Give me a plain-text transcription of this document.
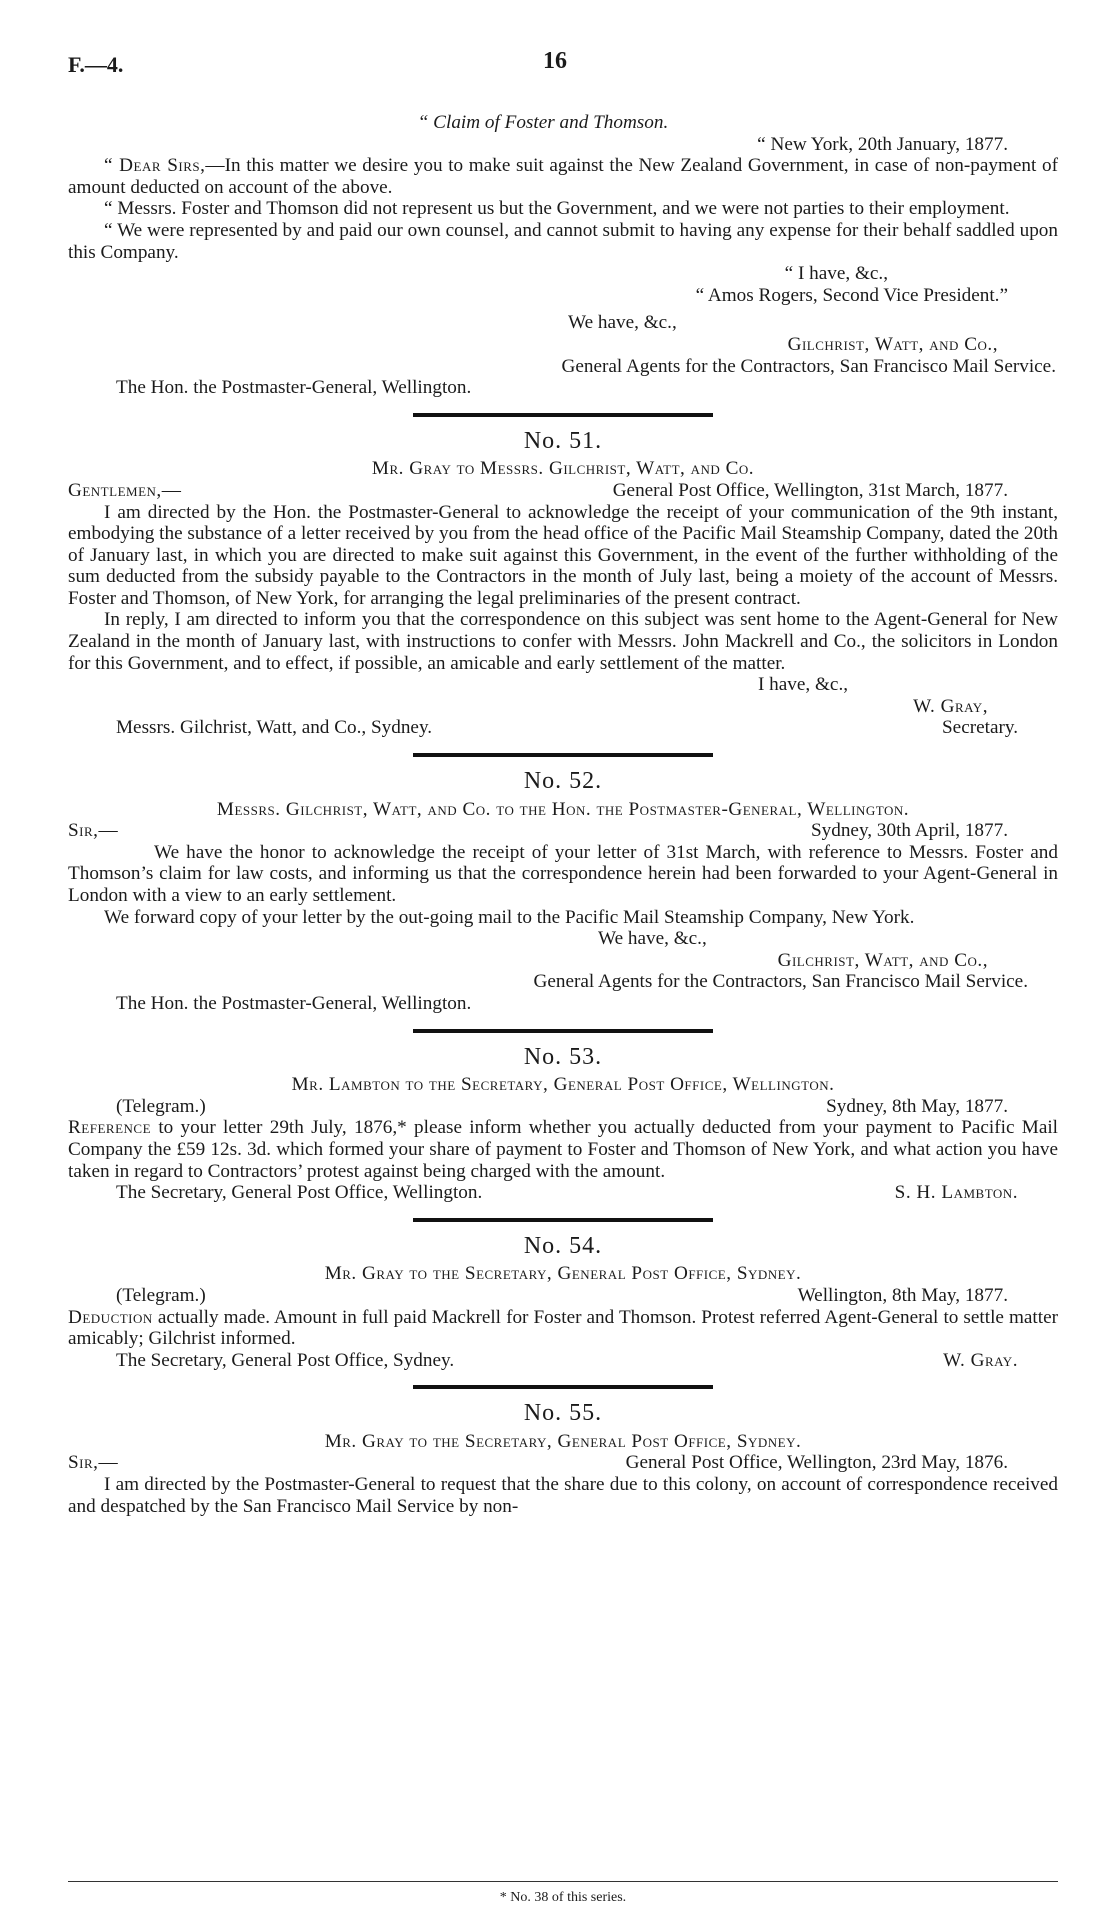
F.—4.	16

“ Claim of Foster and Thomson.

“ New York, 20th January, 1877.

“ Dear Sirs,—In this matter we desire you to make suit against the New Zealand Government, in case of non-payment of amount deducted on account of the above.

“ Messrs. Foster and Thomson did not represent us but the Government, and we were not parties to their employment.

“ We were represented by and paid our own counsel, and cannot submit to having any expense for their behalf saddled upon this Company.

“ I have, &c.,

“ Amos Rogers, Second Vice President.”

We have, &c.,

Gilchrist, Watt, and Co.,

General Agents for the Contractors, San Francisco Mail Service.

The Hon. the Postmaster-General, Wellington.

No. 51.

Mr. Gray to Messrs. Gilchrist, Watt, and Co.

Gentlemen,—	General Post Office, Wellington, 31st March, 1877.

I am directed by the Hon. the Postmaster-General to acknowledge the receipt of your communication of the 9th instant, embodying the substance of a letter received by you from the head office of the Pacific Mail Steamship Company, dated the 20th of January last, in which you are directed to make suit against this Government, in the event of the further withholding of the sum deducted from the subsidy payable to the Contractors in the month of July last, being a moiety of the account of Messrs. Foster and Thomson, of New York, for arranging the legal preliminaries of the present contract.

In reply, I am directed to inform you that the correspondence on this subject was sent home to the Agent-General for New Zealand in the month of January last, with instructions to confer with Messrs. John Mackrell and Co., the solicitors in London for this Government, and to effect, if possible, an amicable and early settlement of the matter.

I have, &c.,

W. Gray,

Messrs. Gilchrist, Watt, and Co., Sydney.	Secretary.

No. 52.

Messrs. Gilchrist, Watt, and Co. to the Hon. the Postmaster-General, Wellington.

Sir,—	Sydney, 30th April, 1877.

We have the honor to acknowledge the receipt of your letter of 31st March, with reference to Messrs. Foster and Thomson’s claim for law costs, and informing us that the correspondence herein had been forwarded to your Agent-General in London with a view to an early settlement.

We forward copy of your letter by the out-going mail to the Pacific Mail Steamship Company, New York.

We have, &c.,

Gilchrist, Watt, and Co.,

General Agents for the Contractors, San Francisco Mail Service.

The Hon. the Postmaster-General, Wellington.

No. 53.

Mr. Lambton to the Secretary, General Post Office, Wellington.

(Telegram.)	Sydney, 8th May, 1877.

Reference to your letter 29th July, 1876,* please inform whether you actually deducted from your payment to Pacific Mail Company the £59 12s. 3d. which formed your share of payment to Foster and Thomson of New York, and what action you have taken in regard to Contractors’ protest against being charged with the amount.

The Secretary, General Post Office, Wellington.	S. H. Lambton.

No. 54.

Mr. Gray to the Secretary, General Post Office, Sydney.

(Telegram.)	Wellington, 8th May, 1877.

Deduction actually made. Amount in full paid Mackrell for Foster and Thomson. Protest referred Agent-General to settle matter amicably; Gilchrist informed.

The Secretary, General Post Office, Sydney.	W. Gray.

No. 55.

Mr. Gray to the Secretary, General Post Office, Sydney.

Sir,—	General Post Office, Wellington, 23rd May, 1876.

I am directed by the Postmaster-General to request that the share due to this colony, on account of correspondence received and despatched by the San Francisco Mail Service by non-

* No. 38 of this series.
